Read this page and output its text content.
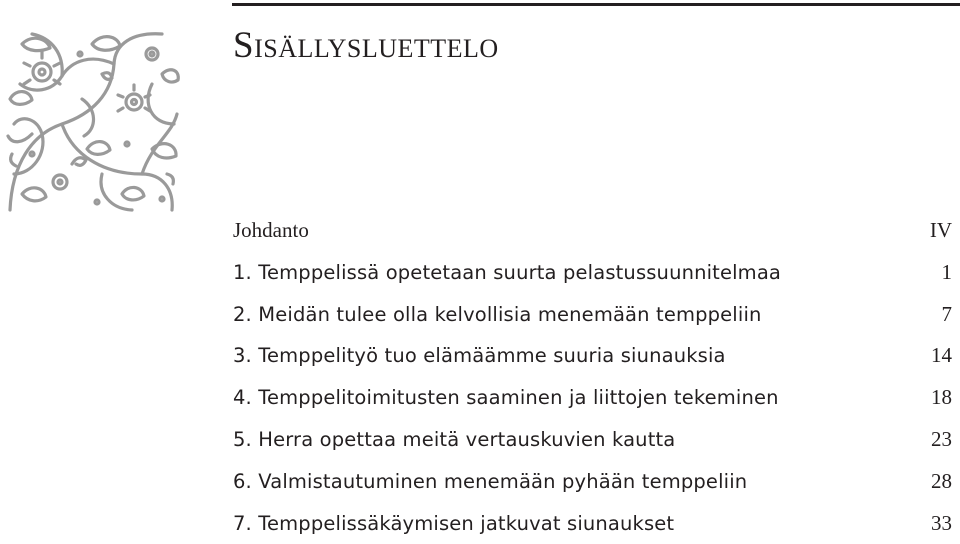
Sisällysluettelo
Johdanto	IV
1. Temppelissä opetetaan suurta pelastussuunnitelmaa	1
2. Meidän tulee olla kelvollisia menemään temppeliin	7
3. Temppelityö tuo elämäämme suuria siunauksia	14
4. Temppelitoimitusten saaminen ja liittojen tekeminen	18
5. Herra opettaa meitä vertauskuvien kautta	23
6. Valmistautuminen menemään pyhään temppeliin	28
7. Temppelissäkäymisen jatkuvat siunaukset	33
